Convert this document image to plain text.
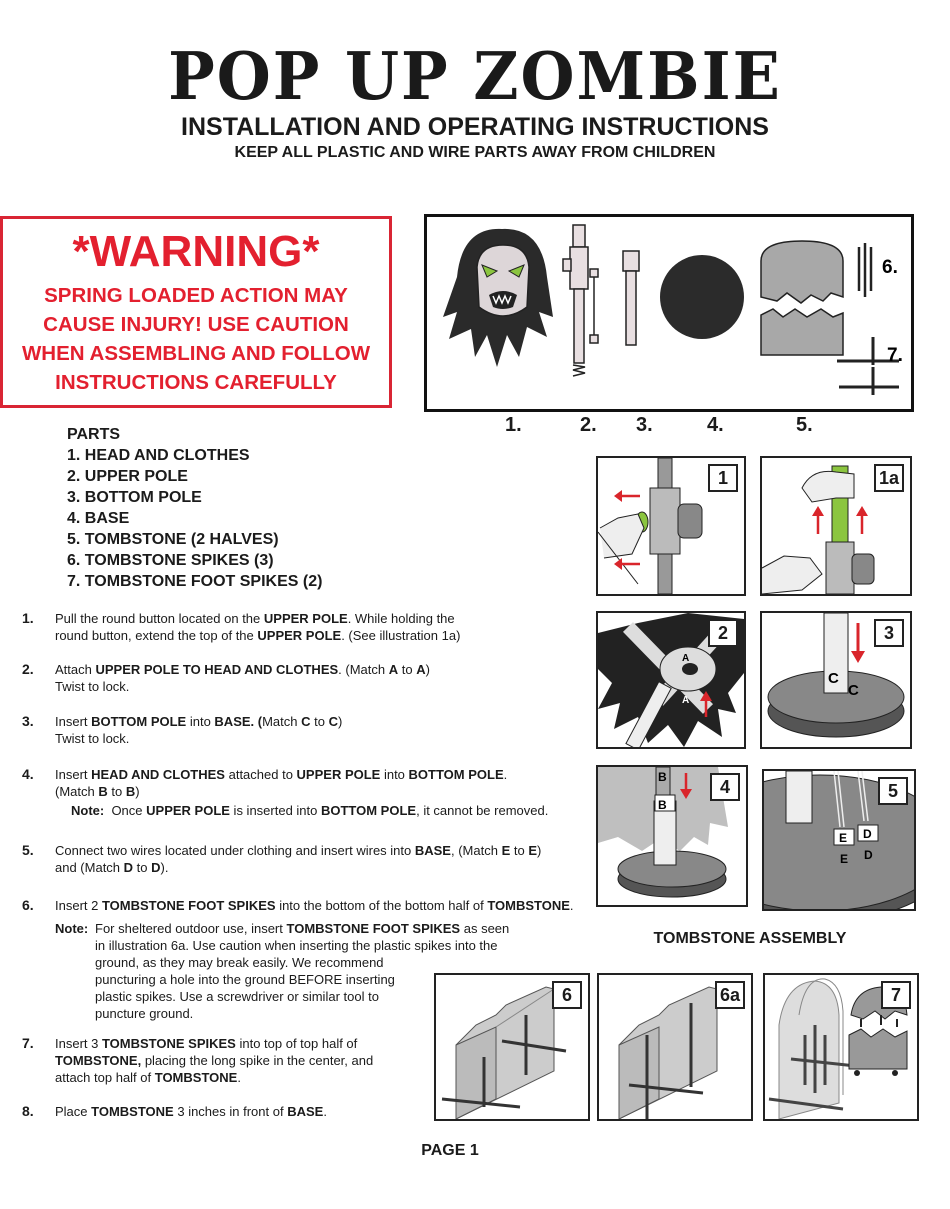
POP UP ZOMBIE
INSTALLATION AND OPERATING INSTRUCTIONS
KEEP ALL PLASTIC AND WIRE PARTS AWAY FROM CHILDREN
*WARNING*
SPRING LOADED ACTION MAY
CAUSE INJURY! USE CAUTION
WHEN ASSEMBLING AND FOLLOW
INSTRUCTIONS CAREFULLY
6.
7.
1.	2. 3.	4.	5.
PARTS
1. HEAD AND CLOTHES
2. UPPER POLE
3. BOTTOM POLE
4. BASE
5. TOMBSTONE (2 HALVES)
6. TOMBSTONE SPIKES (3)
7. TOMBSTONE FOOT SPIKES (2)
1. Pull the round button located on the UPPER POLE. While holding the
round button, extend the top of the UPPER POLE. (See illustration 1a)
2. Attach UPPER POLE TO HEAD AND CLOTHES. (Match A to A)
Twist to lock.
3. Insert BOTTOM POLE into BASE. (Match C to C)
Twist to lock.
4. Insert HEAD AND CLOTHES attached to UPPER POLE into BOTTOM POLE.
(Match B to B)
Note:  Once UPPER POLE is inserted into BOTTOM POLE, it cannot be removed.
5. Connect two wires located under clothing and insert wires into BASE, (Match E to E)
and (Match D to D).
6. Insert 2 TOMBSTONE FOOT SPIKES into the bottom of the bottom half of TOMBSTONE.
Note: For sheltered outdoor use, insert TOMBSTONE FOOT SPIKES as seen
in illustration 6a. Use caution when inserting the plastic spikes into the
ground, as they may break easily. We recommend
puncturing a hole into the ground BEFORE inserting
plastic spikes. Use a screwdriver or similar tool to
puncture ground.
7. Insert 3 TOMBSTONE SPIKES into top of top half of
TOMBSTONE, placing the long spike in the center, and
attach top half of TOMBSTONE.
8. Place TOMBSTONE 3 inches in front of BASE.
1	1a
A
A
2
C
C
3
B
B
4
E D
E D
5
TOMBSTONE ASSEMBLY
6	6a	7
PAGE 1
